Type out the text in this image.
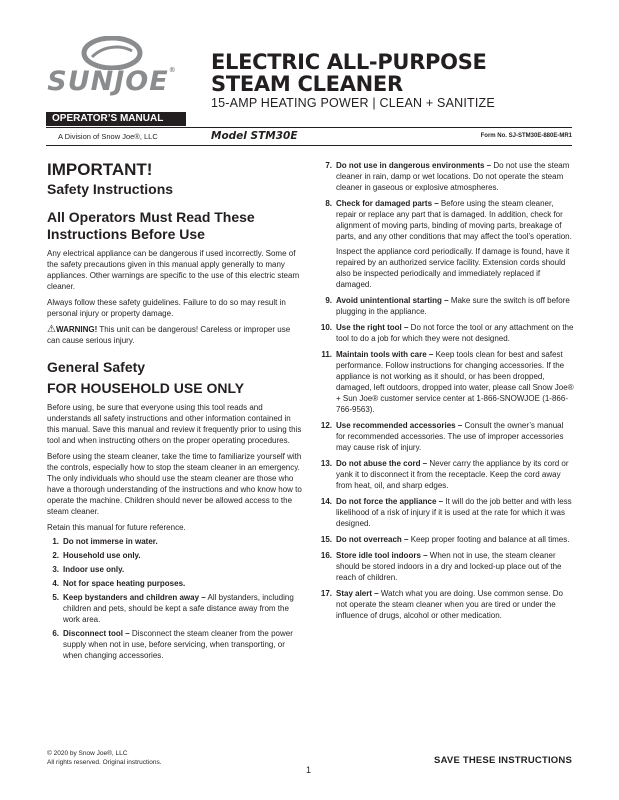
SUNJOE® ELECTRIC ALL-PURPOSE
STEAM CLEANER
15-AMP HEATING POWER | CLEAN + SANITIZE
OPERATOR’S MANUAL
A Division of Snow Joe®, LLC	Model STM30E	Form No. SJ-STM30E-880E-MR1
IMPORTANT!
Safety Instructions
All Operators Must Read These
Instructions Before Use

Any electrical appliance can be dangerous if used incorrectly. Some of the safety precautions given in this manual apply generally to many appliances. Other warnings are specific to the use of this electric steam cleaner.

Always follow these safety guidelines. Failure to do so may result in personal injury or property damage.

⚠WARNING! This unit can be dangerous! Careless or improper use can cause serious injury.

General Safety
FOR HOUSEHOLD USE ONLY

Before using, be sure that everyone using this tool reads and understands all safety instructions and other information contained in this manual. Save this manual and review it frequently prior to using this tool and when instructing others on the proper operating procedures.

Before using the steam cleaner, take the time to familiarize yourself with the controls, especially how to stop the steam cleaner in an emergency. The only individuals who should use the steam cleaner are those who have a thorough understanding of the instructions and who know how to operate the machine. Children should never be allowed access to the steam cleaner.

Retain this manual for future reference.

1. Do not immerse in water.
2. Household use only.
3. Indoor use only.
4. Not for space heating purposes.
5. Keep bystanders and children away – All bystanders, including children and pets, should be kept a safe distance away from the work area.
6. Disconnect tool – Disconnect the steam cleaner from the power supply when not in use, before servicing, when transporting, or when changing accessories.
7. Do not use in dangerous environments – Do not use the steam cleaner in rain, damp or wet locations. Do not operate the steam cleaner in gaseous or explosive atmospheres.
8. Check for damaged parts – Before using the steam cleaner, repair or replace any part that is damaged. In addition, check for alignment of moving parts, binding of moving parts, breakage of parts, and any other conditions that may affect the tool’s operation.
Inspect the appliance cord periodically. If damage is found, have it repaired by an authorized service facility. Extension cords should also be inspected periodically and immediately replaced if damaged.
9. Avoid unintentional starting – Make sure the switch is off before plugging in the appliance.
10. Use the right tool – Do not force the tool or any attachment on the tool to do a job for which they were not designed.
11. Maintain tools with care – Keep tools clean for best and safest performance. Follow instructions for changing accessories. If the appliance is not working as it should, or has been dropped, damaged, left outdoors, dropped into water, please call Snow Joe® + Sun Joe® customer service center at 1-866-SNOWJOE (1-866-766-9563).
12. Use recommended accessories – Consult the owner’s manual for recommended accessories. The use of improper accessories may cause risk of injury.
13. Do not abuse the cord – Never carry the appliance by its cord or yank it to disconnect it from the receptacle. Keep the cord away from heat, oil, and sharp edges.
14. Do not force the appliance – It will do the job better and with less likelihood of a risk of injury if it is used at the rate for which it was designed.
15. Do not overreach – Keep proper footing and balance at all times.
16. Store idle tool indoors – When not in use, the steam cleaner should be stored indoors in a dry and locked-up place out of the reach of children.
17. Stay alert – Watch what you are doing. Use common sense. Do not operate the steam cleaner when you are tired or under the influence of drugs, alcohol or other medication.
© 2020 by Snow Joe®, LLC
All rights reserved. Original instructions.
1
SAVE THESE INSTRUCTIONS
